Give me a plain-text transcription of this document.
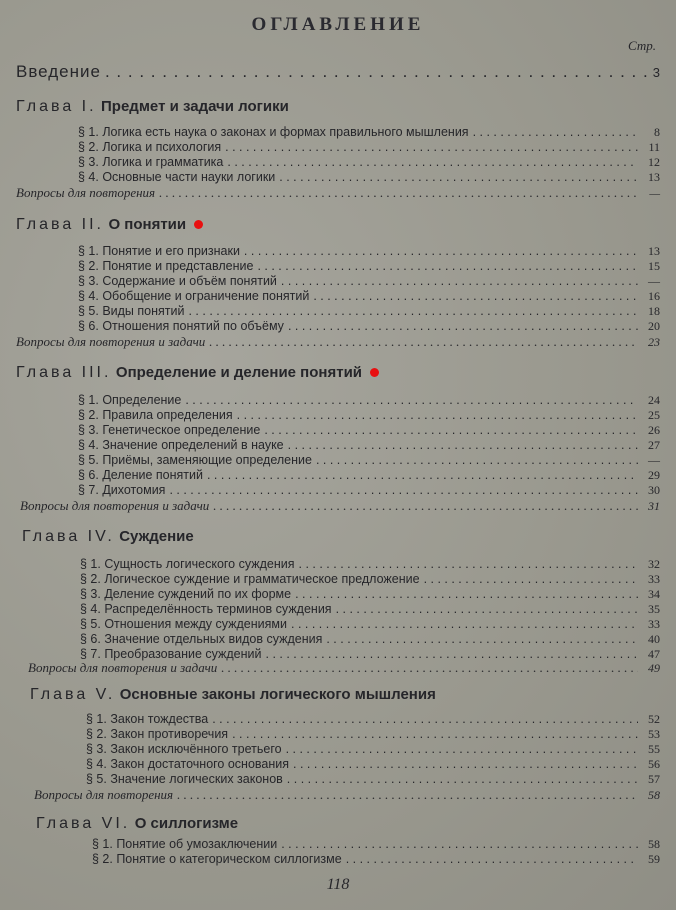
ОГЛАВЛЕНИЕ
Стр.
Введение . . .	3
118
Глава I. Предмет и задачи логики
§ 1. Логика есть наука о законах и формах правильного мышления . . .	8
§ 2. Логика и психология . . .	11
§ 3. Логика и грамматика . . .	12
§ 4. Основные части науки логики . . .	13
Вопросы для повторения . . .	—
Глава II. О понятии
§ 1. Понятие и его признаки . . .	13
§ 2. Понятие и представление . . .	15
§ 3. Содержание и объём понятий . . .	—
§ 4. Обобщение и ограничение понятий . . .	16
§ 5. Виды понятий . . .	18
§ 6. Отношения понятий по объёму . . .	20
Вопросы для повторения и задачи . . .	23
Глава III. Определение и деление понятий
§ 1. Определение . . .	24
§ 2. Правила определения . . .	25
§ 3. Генетическое определение . . .	26
§ 4. Значение определений в науке . . .	27
§ 5. Приёмы, заменяющие определение . . .	—
§ 6. Деление понятий . . .	29
§ 7. Дихотомия . . .	30
Вопросы для повторения и задачи . . .	31
Глава IV. Суждение
§ 1. Сущность логического суждения . . .	32
§ 2. Логическое суждение и грамматическое предложение . . .	33
§ 3. Деление суждений по их форме . . .	34
§ 4. Распределённость терминов суждения . . .	35
§ 5. Отношения между суждениями . . .	33
§ 6. Значение отдельных видов суждения . . .	40
§ 7. Преобразование суждений . . .	47
Вопросы для повторения и задачи . . .	49
Глава V. Основные законы логического мышления
§ 1. Закон тождества . . .	52
§ 2. Закон противоречия . . .	53
§ 3. Закон исключённого третьего . . .	55
§ 4. Закон достаточного основания . . .	56
§ 5. Значение логических законов . . .	57
Вопросы для повторения . . .	58
Глава VI. О силлогизме
§ 1. Понятие об умозаключении . . .	58
§ 2. Понятие о категорическом силлогизме . . .	59
